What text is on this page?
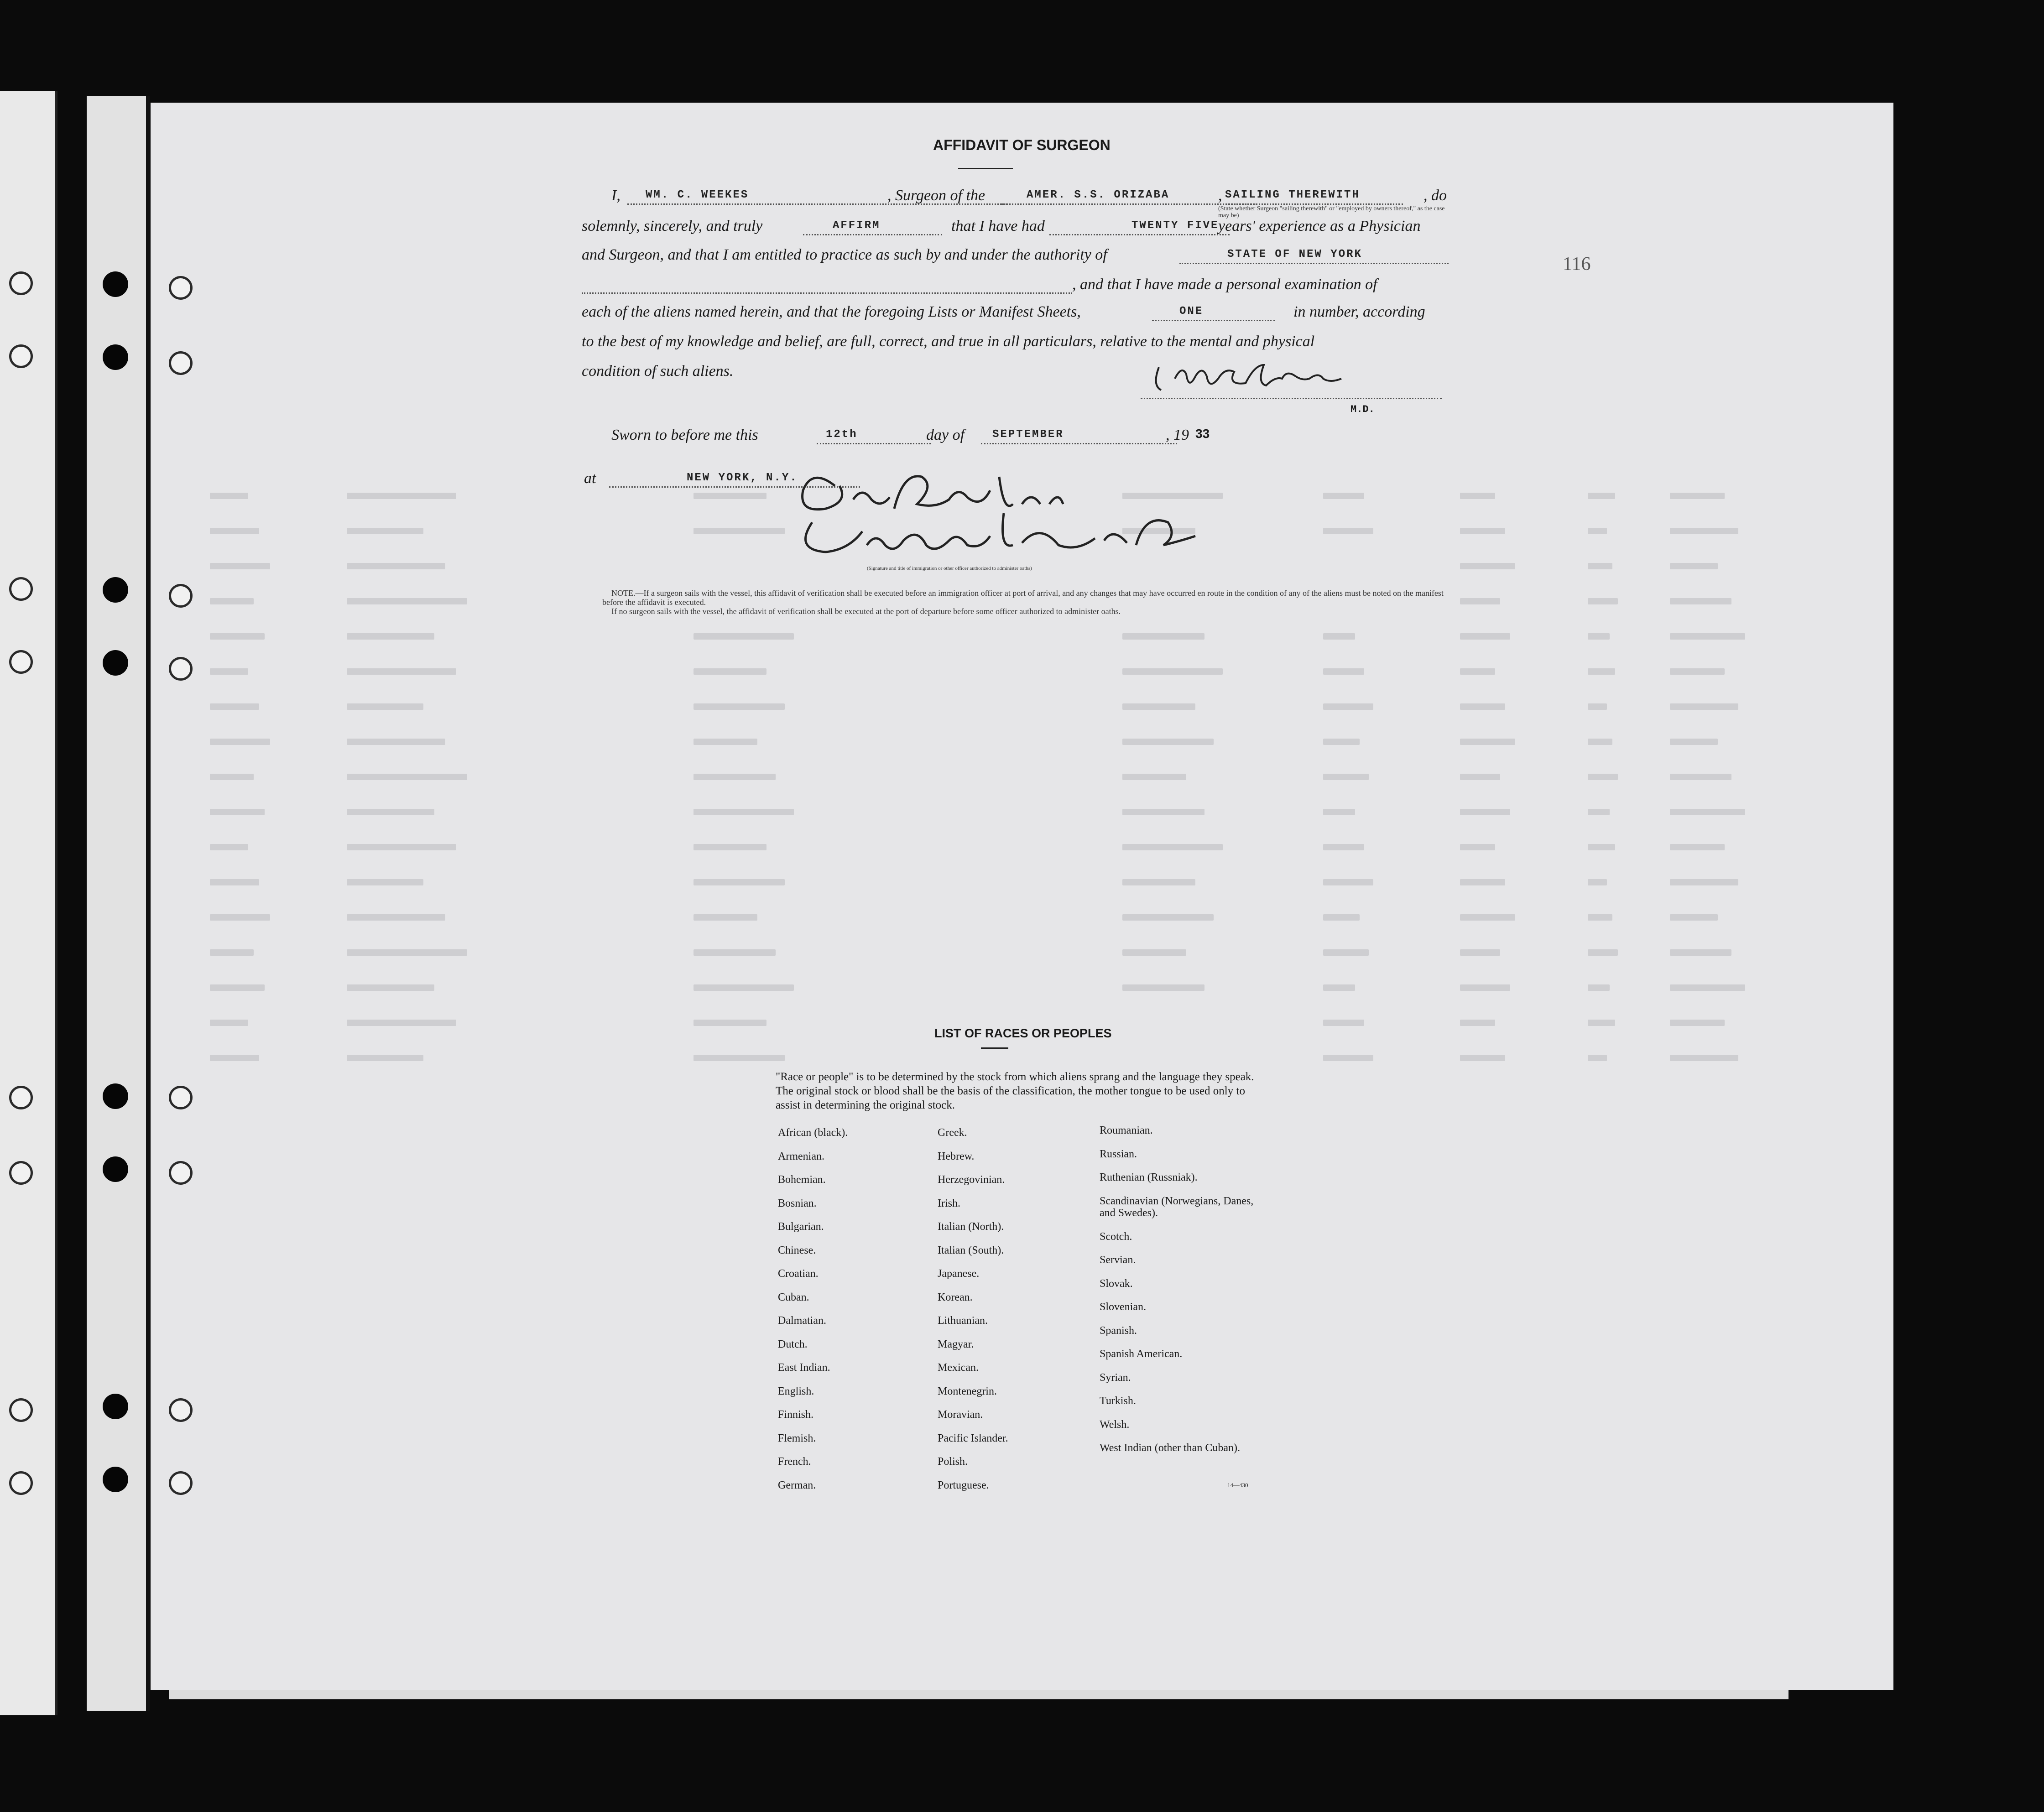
AFFIDAVIT OF SURGEON
I, WM. C. WEEKES	, Surgeon of the	AMER. S.S. ORIZABA	, SAILING THEREWITH	, do
(State whether Surgeon "sailing therewith" or "employed by owners thereof," as the case may be)
solemnly, sincerely, and truly	AFFIRM	that I have had	TWENTY FIVE
years' experience as a Physician
and Surgeon, and that I am entitled to practice as such by and under the authority of	STATE OF NEW YORK
, and that I have made a personal examination of
each of the aliens named herein, and that the foregoing Lists or Manifest Sheets,	ONE	in number, according
to the best of my knowledge and belief, are full, correct, and true in all particulars, relative to the mental and physical
condition of such aliens.
M.D.
116
Sworn to before me this	12th	day of	SEPTEMBER	, 19 33
at	NEW YORK, N.Y.
(Signature and title of immigration or other officer authorized to administer oaths)
NOTE.—If a surgeon sails with the vessel, this affidavit of verification shall be executed before an immigration officer at port of arrival, and any changes that may have occurred en route in the condition of any of the aliens must be noted on the manifest before the affidavit is executed.
If no surgeon sails with the vessel, the affidavit of verification shall be executed at the port of departure before some officer authorized to administer oaths.
LIST OF RACES OR PEOPLES
"Race or people" is to be determined by the stock from which aliens sprang and the language they speak. The original stock or blood shall be the basis of the classification, the mother tongue to be used only to assist in determining the original stock.
African (black).
Armenian.
Bohemian.
Bosnian.
Bulgarian.
Chinese.
Croatian.
Cuban.
Dalmatian.
Dutch.
East Indian.
English.
Finnish.
Flemish.
French.
German.
Greek.
Hebrew.
Herzegovinian.
Irish.
Italian (North).
Italian (South).
Japanese.
Korean.
Lithuanian.
Magyar.
Mexican.
Montenegrin.
Moravian.
Pacific Islander.
Polish.
Portuguese.
Roumanian.
Russian.
Ruthenian (Russniak).
Scandinavian (Norwegians, Danes, and Swedes).
Scotch.
Servian.
Slovak.
Slovenian.
Spanish.
Spanish American.
Syrian.
Turkish.
Welsh.
West Indian (other than Cuban).
14—430
